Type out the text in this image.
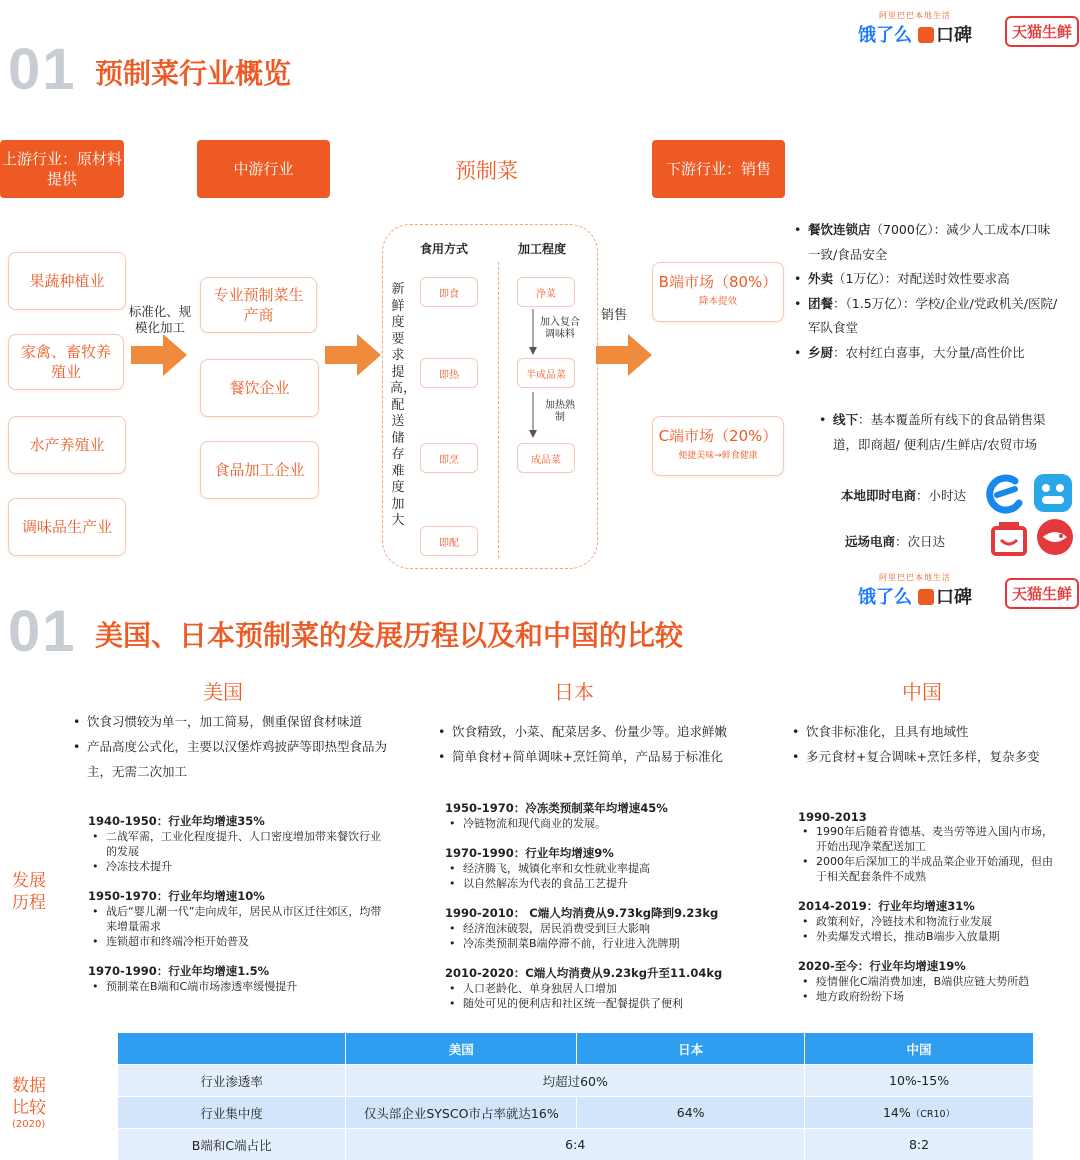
阿里巴巴本地生活
饿了么	口碑	天猫生鲜
01 预制菜行业概览
上游行业：原材料提供
中游行业	预制菜	下游行业：销售
果蔬种植业
家禽、畜牧养殖业
水产养殖业
调味品生产业
标准化、规模化加工
专业预制菜生产商
餐饮企业
食品加工企业
食用方式	加工程度
新鲜度要求提高，配送储存难度加大
即食
即热
即烹
即配
净菜
半成品菜
成品菜
加入复合调味料
加热熟制
销售
B端市场（80%）
降本提效
C端市场（20%）
便捷美味→鲜食健康
• 餐饮连锁店（7000亿）：减少人工成本/口味一致/食品安全
• 外卖（1万亿）：对配送时效性要求高
• 团餐：（1.5万亿）：学校/企业/党政机关/医院/军队食堂
• 乡厨：农村红白喜事，大分量/高性价比
• 线下：基本覆盖所有线下的食品销售渠道，即商超/ 便利店/生鲜店/农贸市场
本地即时电商：小时达
远场电商：次日达
阿里巴巴本地生活
饿了么	口碑	天猫生鲜
01 美国、日本预制菜的发展历程以及和中国的比较
发展历程
数据比较
(2020)
美国
• 饮食习惯较为单一，加工简易，侧重保留食材味道
• 产品高度公式化，主要以汉堡炸鸡披萨等即热型食品为主，无需二次加工
1940-1950：行业年均增速35%
• 二战军需，工业化程度提升、人口密度增加带来餐饮行业的发展
• 冷冻技术提升
1950-1970：行业年均增速10%
• 战后“婴儿潮一代”走向成年，居民从市区迁往郊区，均带来增量需求
• 连锁超市和终端冷柜开始普及
1970-1990：行业年均增速1.5%
• 预制菜在B端和C端市场渗透率缓慢提升
日本
• 饮食精致，小菜、配菜居多、份量少等。追求鲜嫩
• 简单食材+简单调味+烹饪简单，产品易于标准化
1950-1970：冷冻类预制菜年均增速45%
• 冷链物流和现代商业的发展。
1970-1990：行业年均增速9%
• 经济腾飞，城镇化率和女性就业率提高
• 以自然解冻为代表的食品工艺提升
1990-2010： C端人均消费从9.73kg降到9.23kg
• 经济泡沫破裂，居民消费受到巨大影响
• 冷冻类预制菜B端停滞不前，行业进入洗牌期
2010-2020：C端人均消费从9.23kg升至11.04kg
• 人口老龄化、单身独居人口增加
• 随处可见的便利店和社区统一配餐提供了便利
中国
• 饮食非标准化，且具有地域性
• 多元食材+复合调味+烹饪多样，复杂多变
1990-2013
• 1990年后随着肯德基、麦当劳等进入国内市场，开始出现净菜配送加工
• 2000年后深加工的半成品菜企业开始涌现，但由于相关配套条件不成熟
2014-2019：行业年均增速31%
• 政策利好，冷链技术和物流行业发展
• 外卖爆发式增长，推动B端步入放量期
2020-至今：行业年均增速19%
• 疫情催化C端消费加速，B端供应链大势所趋
• 地方政府纷纷下场
	美国	日本	中国
行业渗透率	均超过60%		10%-15%
行业集中度	仅头部企业SYSCO市占率就达16%	64%	14%（CR10）
B端和C端占比	6:4		8:2
